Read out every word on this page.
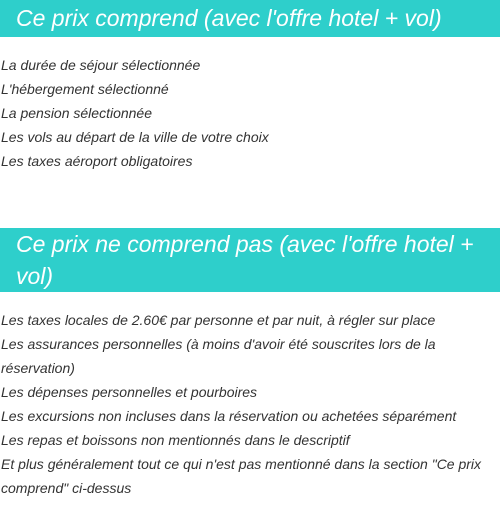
Ce prix comprend (avec l'offre hotel + vol)
La durée de séjour sélectionnée
L'hébergement sélectionné
La pension sélectionnée
Les vols au départ de la ville de votre choix
Les taxes aéroport obligatoires
Ce prix ne comprend pas (avec l'offre hotel + vol)
Les taxes locales de 2.60€ par personne et par nuit, à régler sur place
Les assurances personnelles (à moins d'avoir été souscrites lors de la réservation)
Les dépenses personnelles et pourboires
Les excursions non incluses dans la réservation ou achetées séparément
Les repas et boissons non mentionnés dans le descriptif
Et plus généralement tout ce qui n'est pas mentionné dans la section "Ce prix comprend" ci-dessus
